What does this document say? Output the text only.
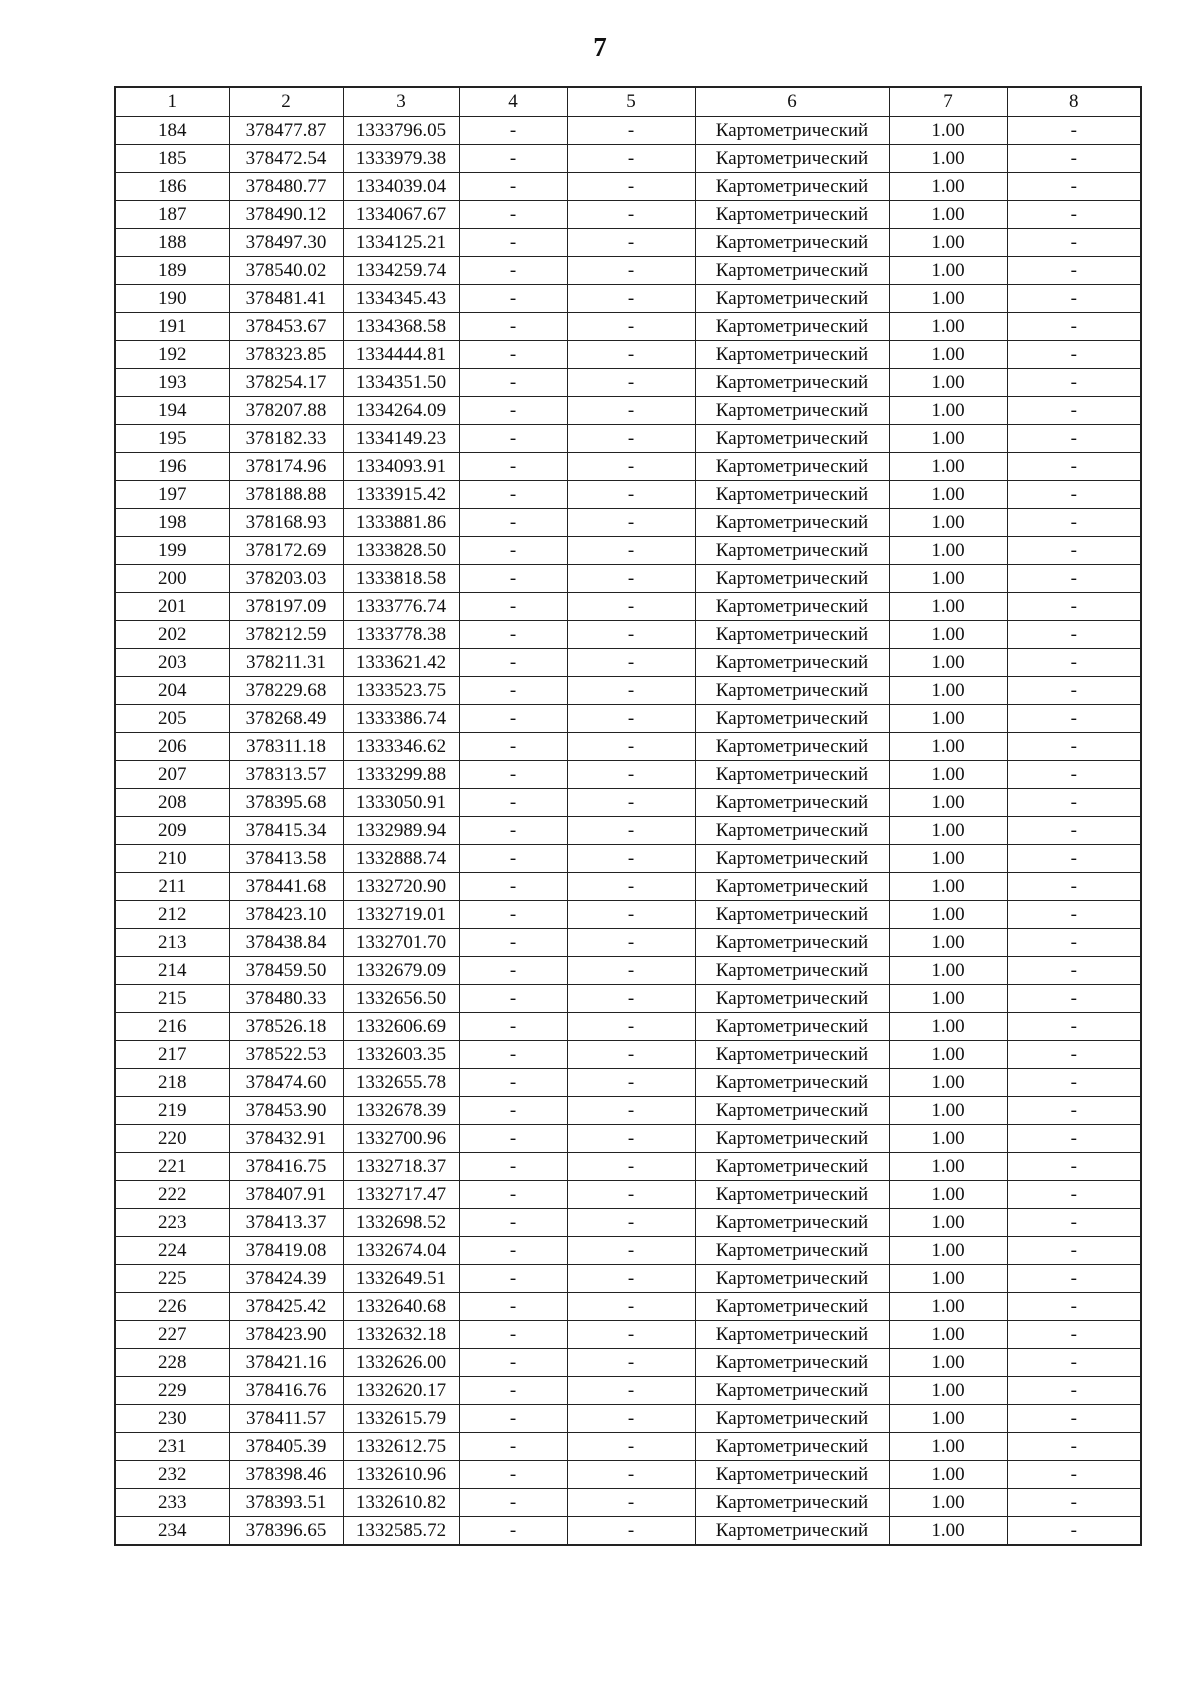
7
1	2	3	4	5	6	7	8
184	378477.87	1333796.05	-	-	Картометрический	1.00	-
185	378472.54	1333979.38	-	-	Картометрический	1.00	-
186	378480.77	1334039.04	-	-	Картометрический	1.00	-
187	378490.12	1334067.67	-	-	Картометрический	1.00	-
188	378497.30	1334125.21	-	-	Картометрический	1.00	-
189	378540.02	1334259.74	-	-	Картометрический	1.00	-
190	378481.41	1334345.43	-	-	Картометрический	1.00	-
191	378453.67	1334368.58	-	-	Картометрический	1.00	-
192	378323.85	1334444.81	-	-	Картометрический	1.00	-
193	378254.17	1334351.50	-	-	Картометрический	1.00	-
194	378207.88	1334264.09	-	-	Картометрический	1.00	-
195	378182.33	1334149.23	-	-	Картометрический	1.00	-
196	378174.96	1334093.91	-	-	Картометрический	1.00	-
197	378188.88	1333915.42	-	-	Картометрический	1.00	-
198	378168.93	1333881.86	-	-	Картометрический	1.00	-
199	378172.69	1333828.50	-	-	Картометрический	1.00	-
200	378203.03	1333818.58	-	-	Картометрический	1.00	-
201	378197.09	1333776.74	-	-	Картометрический	1.00	-
202	378212.59	1333778.38	-	-	Картометрический	1.00	-
203	378211.31	1333621.42	-	-	Картометрический	1.00	-
204	378229.68	1333523.75	-	-	Картометрический	1.00	-
205	378268.49	1333386.74	-	-	Картометрический	1.00	-
206	378311.18	1333346.62	-	-	Картометрический	1.00	-
207	378313.57	1333299.88	-	-	Картометрический	1.00	-
208	378395.68	1333050.91	-	-	Картометрический	1.00	-
209	378415.34	1332989.94	-	-	Картометрический	1.00	-
210	378413.58	1332888.74	-	-	Картометрический	1.00	-
211	378441.68	1332720.90	-	-	Картометрический	1.00	-
212	378423.10	1332719.01	-	-	Картометрический	1.00	-
213	378438.84	1332701.70	-	-	Картометрический	1.00	-
214	378459.50	1332679.09	-	-	Картометрический	1.00	-
215	378480.33	1332656.50	-	-	Картометрический	1.00	-
216	378526.18	1332606.69	-	-	Картометрический	1.00	-
217	378522.53	1332603.35	-	-	Картометрический	1.00	-
218	378474.60	1332655.78	-	-	Картометрический	1.00	-
219	378453.90	1332678.39	-	-	Картометрический	1.00	-
220	378432.91	1332700.96	-	-	Картометрический	1.00	-
221	378416.75	1332718.37	-	-	Картометрический	1.00	-
222	378407.91	1332717.47	-	-	Картометрический	1.00	-
223	378413.37	1332698.52	-	-	Картометрический	1.00	-
224	378419.08	1332674.04	-	-	Картометрический	1.00	-
225	378424.39	1332649.51	-	-	Картометрический	1.00	-
226	378425.42	1332640.68	-	-	Картометрический	1.00	-
227	378423.90	1332632.18	-	-	Картометрический	1.00	-
228	378421.16	1332626.00	-	-	Картометрический	1.00	-
229	378416.76	1332620.17	-	-	Картометрический	1.00	-
230	378411.57	1332615.79	-	-	Картометрический	1.00	-
231	378405.39	1332612.75	-	-	Картометрический	1.00	-
232	378398.46	1332610.96	-	-	Картометрический	1.00	-
233	378393.51	1332610.82	-	-	Картометрический	1.00	-
234	378396.65	1332585.72	-	-	Картометрический	1.00	-
